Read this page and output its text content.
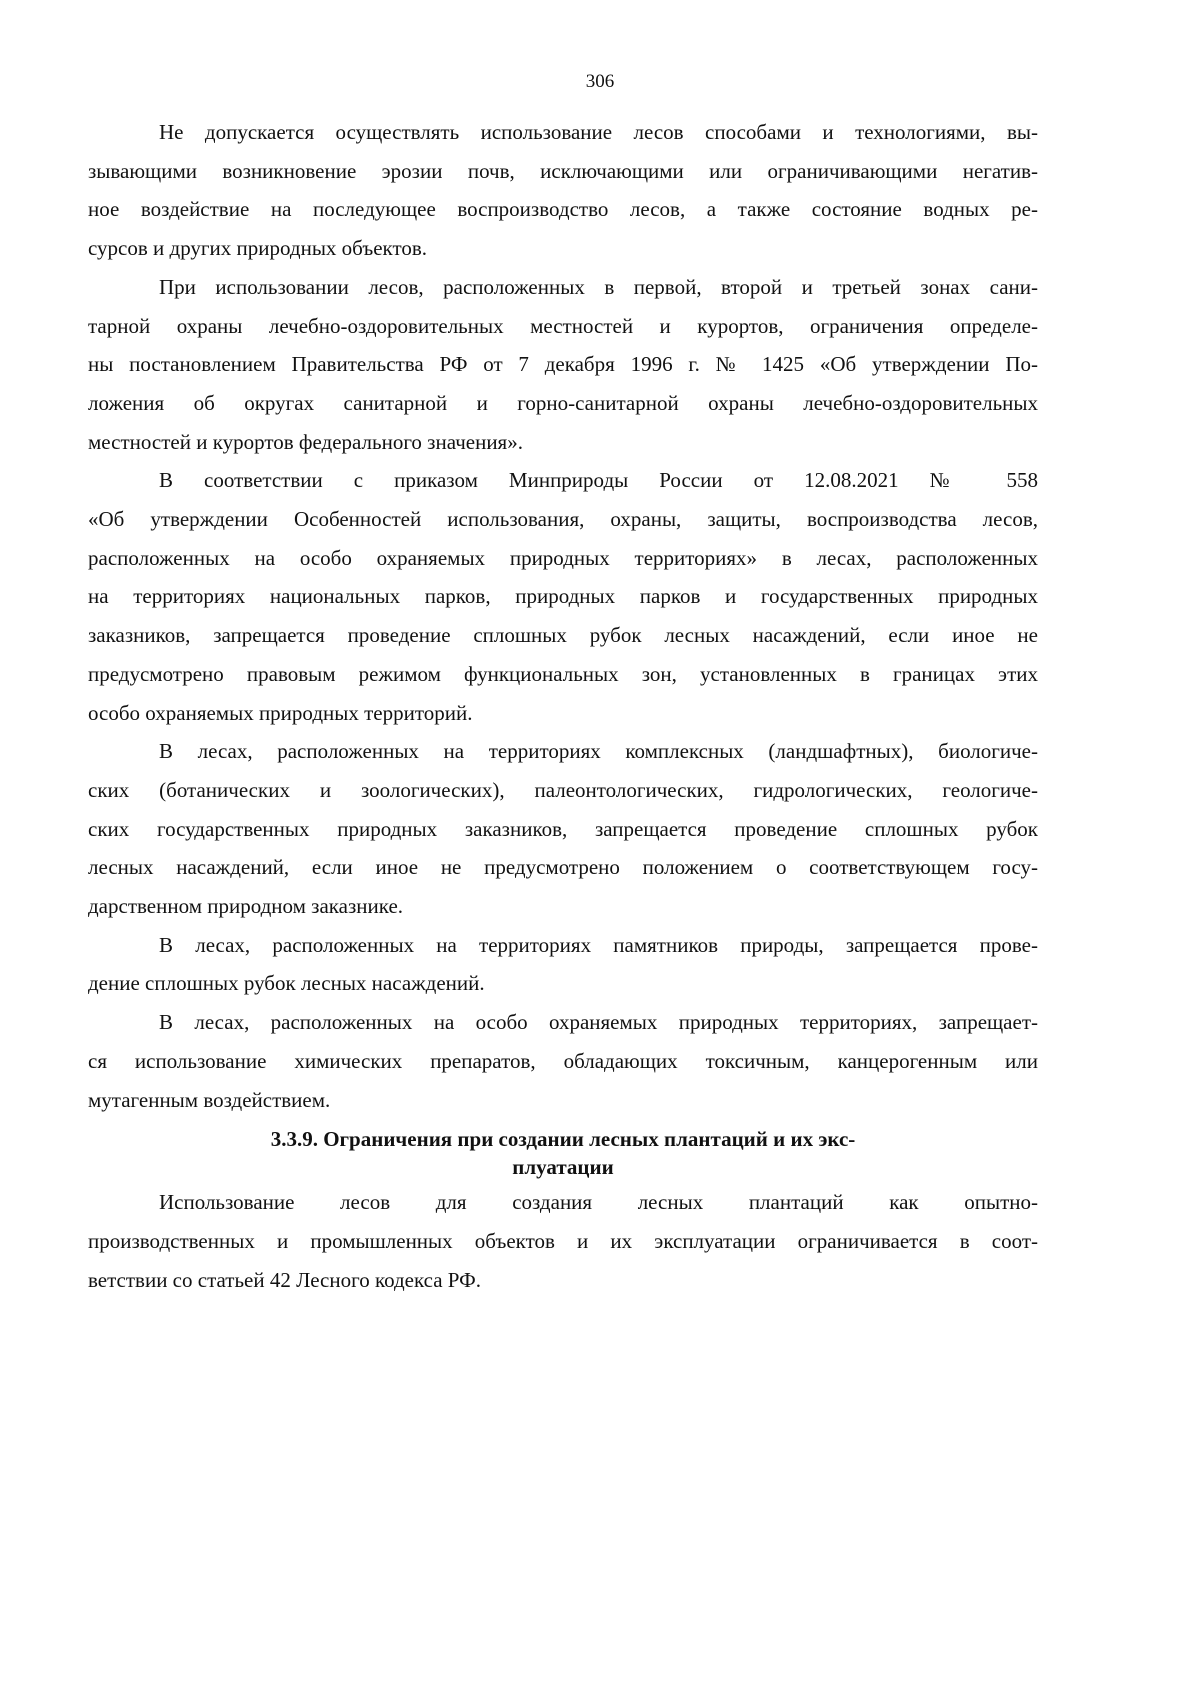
306

Не допускается осуществлять использование лесов способами и технологиями, вы-
зывающими возникновение эрозии почв, исключающими или ограничивающими негатив-
ное воздействие на последующее воспроизводство лесов, а также состояние водных ре-
сурсов и других природных объектов.

При использовании лесов, расположенных в первой, второй и третьей зонах сани-
тарной охраны лечебно-оздоровительных местностей и курортов, ограничения определе-
ны постановлением Правительства РФ от 7 декабря 1996 г. № 1425 «Об утверждении По-
ложения об округах санитарной и горно-санитарной охраны лечебно-оздоровительных
местностей и курортов федерального значения».

В соответствии с приказом Минприроды России от 12.08.2021 № 558
«Об утверждении Особенностей использования, охраны, защиты, воспроизводства лесов,
расположенных на особо охраняемых природных территориях» в лесах, расположенных
на территориях национальных парков, природных парков и государственных природных
заказников, запрещается проведение сплошных рубок лесных насаждений, если иное не
предусмотрено правовым режимом функциональных зон, установленных в границах этих
особо охраняемых природных территорий.

В лесах, расположенных на территориях комплексных (ландшафтных), биологиче-
ских (ботанических и зоологических), палеонтологических, гидрологических, геологиче-
ских государственных природных заказников, запрещается проведение сплошных рубок
лесных насаждений, если иное не предусмотрено положением о соответствующем госу-
дарственном природном заказнике.

В лесах, расположенных на территориях памятников природы, запрещается прове-
дение сплошных рубок лесных насаждений.

В лесах, расположенных на особо охраняемых природных территориях, запрещает-
ся использование химических препаратов, обладающих токсичным, канцерогенным или
мутагенным воздействием.

3.3.9. Ограничения при создании лесных плантаций и их экс-
плуатации

Использование лесов для создания лесных плантаций как опытно-
производственных и промышленных объектов и их эксплуатации ограничивается в соот-
ветствии со статьей 42 Лесного кодекса РФ.
